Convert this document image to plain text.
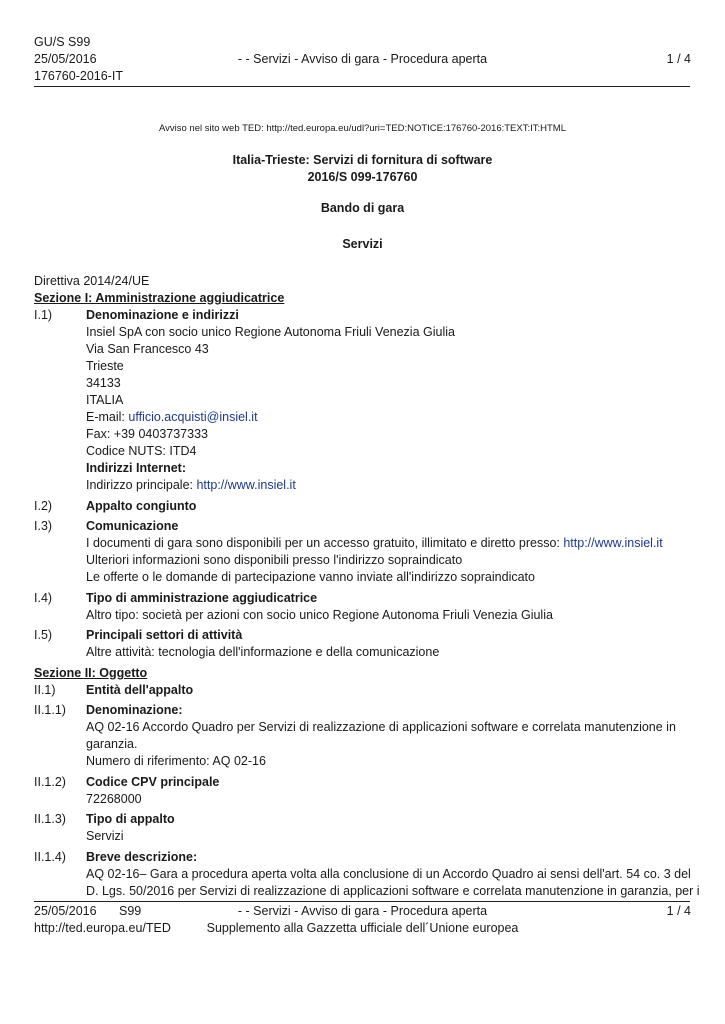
GU/S S99
25/05/2016
176760-2016-IT
- - Servizi - Avviso di gara - Procedura aperta	1 / 4
Avviso nel sito web TED: http://ted.europa.eu/udl?uri=TED:NOTICE:176760-2016:TEXT:IT:HTML
Italia-Trieste: Servizi di fornitura di software
2016/S 099-176760
Bando di gara
Servizi
Direttiva 2014/24/UE
Sezione I: Amministrazione aggiudicatrice
I.1)	Denominazione e indirizzi
Insiel SpA con socio unico Regione Autonoma Friuli Venezia Giulia
Via San Francesco 43
Trieste
34133
ITALIA
E-mail: ufficio.acquisti@insiel.it
Fax: +39 0403737333
Codice NUTS: ITD4
Indirizzi Internet:
Indirizzo principale: http://www.insiel.it
I.2)	Appalto congiunto
I.3)	Comunicazione
I documenti di gara sono disponibili per un accesso gratuito, illimitato e diretto presso: http://www.insiel.it
Ulteriori informazioni sono disponibili presso l'indirizzo sopraindicato
Le offerte o le domande di partecipazione vanno inviate all'indirizzo sopraindicato
I.4)	Tipo di amministrazione aggiudicatrice
Altro tipo: società per azioni con socio unico Regione Autonoma Friuli Venezia Giulia
I.5)	Principali settori di attività
Altre attività: tecnologia dell'informazione e della comunicazione
Sezione II: Oggetto
II.1) Entità dell'appalto
II.1.1) Denominazione:
AQ 02-16 Accordo Quadro per Servizi di realizzazione di applicazioni software e correlata manutenzione in
garanzia.
Numero di riferimento: AQ 02-16
II.1.2) Codice CPV principale
72268000
II.1.3) Tipo di appalto
Servizi
II.1.4) Breve descrizione:
AQ 02-16– Gara a procedura aperta volta alla conclusione di un Accordo Quadro ai sensi dell'art. 54 co. 3 del
D. Lgs. 50/2016 per Servizi di realizzazione di applicazioni software e correlata manutenzione in garanzia, per i
25/05/2016 S99	- - Servizi - Avviso di gara - Procedura aperta	1 / 4
http://ted.europa.eu/TED	Supplemento alla Gazzetta ufficiale dell´Unione europea
